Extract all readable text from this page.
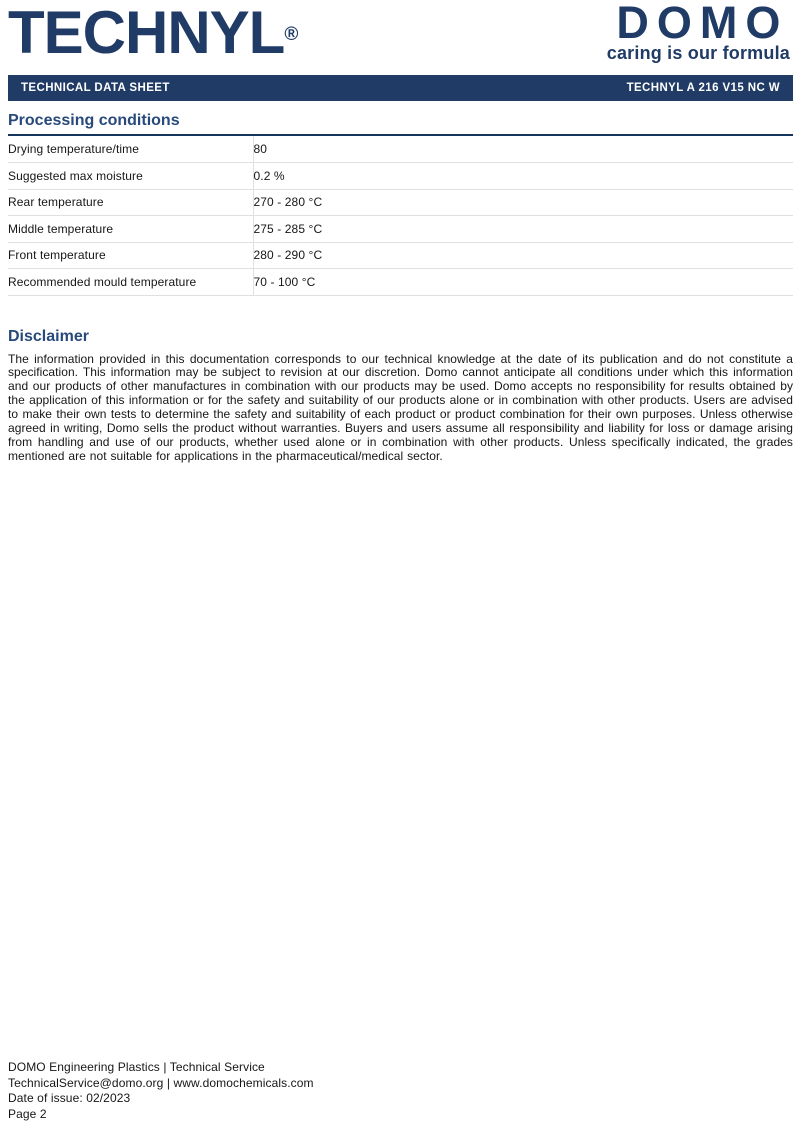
TECHNYL®	DOMO
caring is our formula
TECHNICAL DATA SHEET	TECHNYL A 216 V15 NC W
Processing conditions
Drying temperature/time	80
Suggested max moisture	0.2 %
Rear temperature	270 - 280 °C
Middle temperature	275 - 285 °C
Front temperature	280 - 290 °C
Recommended mould temperature	70 - 100 °C
Disclaimer
The information provided in this documentation corresponds to our technical knowledge at the date of its publication and do not constitute a specification. This information may be subject to revision at our discretion. Domo cannot anticipate all conditions under which this information and our products of other manufactures in combination with our products may be used. Domo accepts no responsibility for results obtained by the application of this information or for the safety and suitability of our products alone or in combination with other products. Users are advised to make their own tests to determine the safety and suitability of each product or product combination for their own purposes. Unless otherwise agreed in writing, Domo sells the product without warranties. Buyers and users assume all responsibility and liability for loss or damage arising from handling and use of our products, whether used alone or in combination with other products. Unless specifically indicated, the grades mentioned are not suitable for applications in the pharmaceutical/medical sector.
DOMO Engineering Plastics | Technical Service
TechnicalService@domo.org | www.domochemicals.com
Date of issue: 02/2023
Page 2
